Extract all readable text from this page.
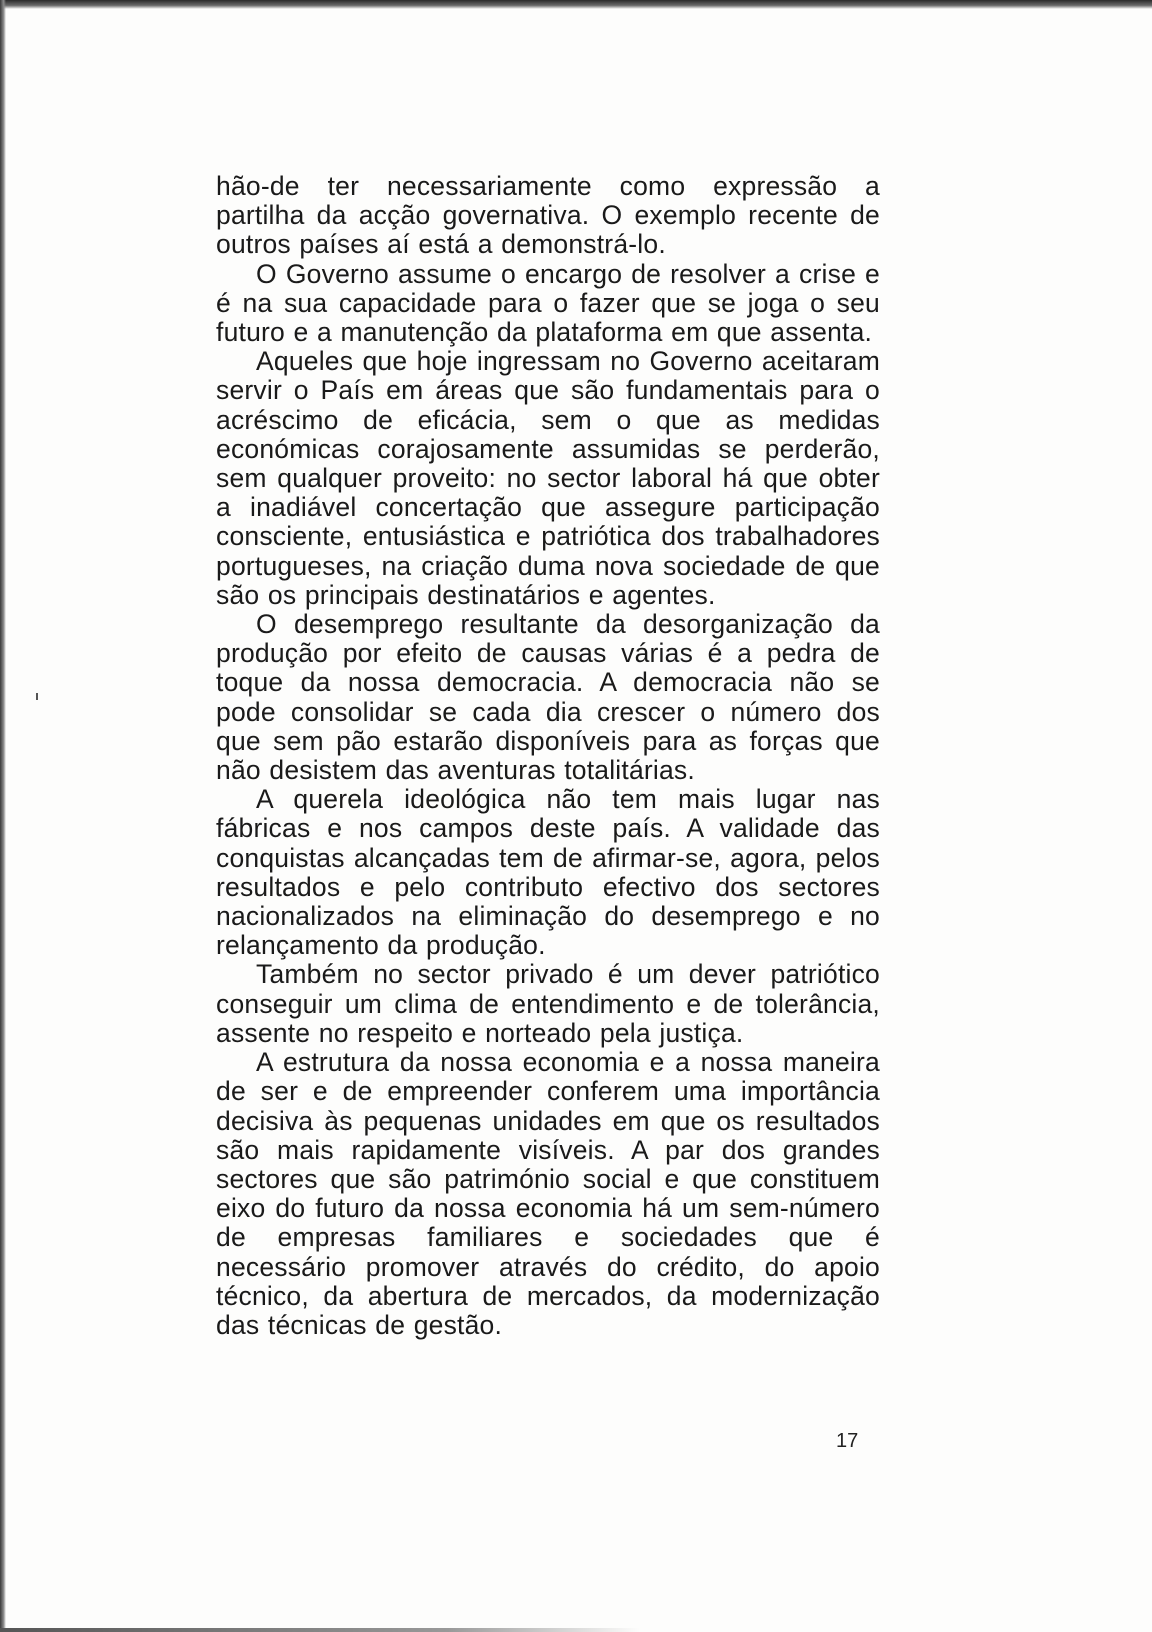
hão-de ter necessariamente como expressão a partilha da acção governativa. O exemplo recente de outros países aí está a demonstrá-lo.

O Governo assume o encargo de resolver a crise e é na sua capacidade para o fazer que se joga o seu futuro e a manutenção da plataforma em que assenta.

Aqueles que hoje ingressam no Governo aceitaram servir o País em áreas que são fundamentais para o acréscimo de eficácia, sem o que as medidas económicas corajosamente assumidas se perderão, sem qualquer proveito: no sector laboral há que obter a inadiável concertação que assegure participação consciente, entusiástica e patriótica dos trabalhadores portugueses, na criação duma nova sociedade de que são os principais destinatários e agentes.

O desemprego resultante da desorganização da produção por efeito de causas várias é a pedra de toque da nossa democracia. A democracia não se pode consolidar se cada dia crescer o número dos que sem pão estarão disponíveis para as forças que não desistem das aventuras totalitárias.

A querela ideológica não tem mais lugar nas fábricas e nos campos deste país. A validade das conquistas alcançadas tem de afirmar-se, agora, pelos resultados e pelo contributo efectivo dos sectores nacionalizados na eliminação do desemprego e no relançamento da produção.

Também no sector privado é um dever patriótico conseguir um clima de entendimento e de tolerância, assente no respeito e norteado pela justiça.

A estrutura da nossa economia e a nossa maneira de ser e de empreender conferem uma importância decisiva às pequenas unidades em que os resultados são mais rapidamente visíveis. A par dos grandes sectores que são património social e que constituem eixo do futuro da nossa economia há um sem-número de empresas familiares e sociedades que é necessário promover através do crédito, do apoio técnico, da abertura de mercados, da modernização das técnicas de gestão.

17
